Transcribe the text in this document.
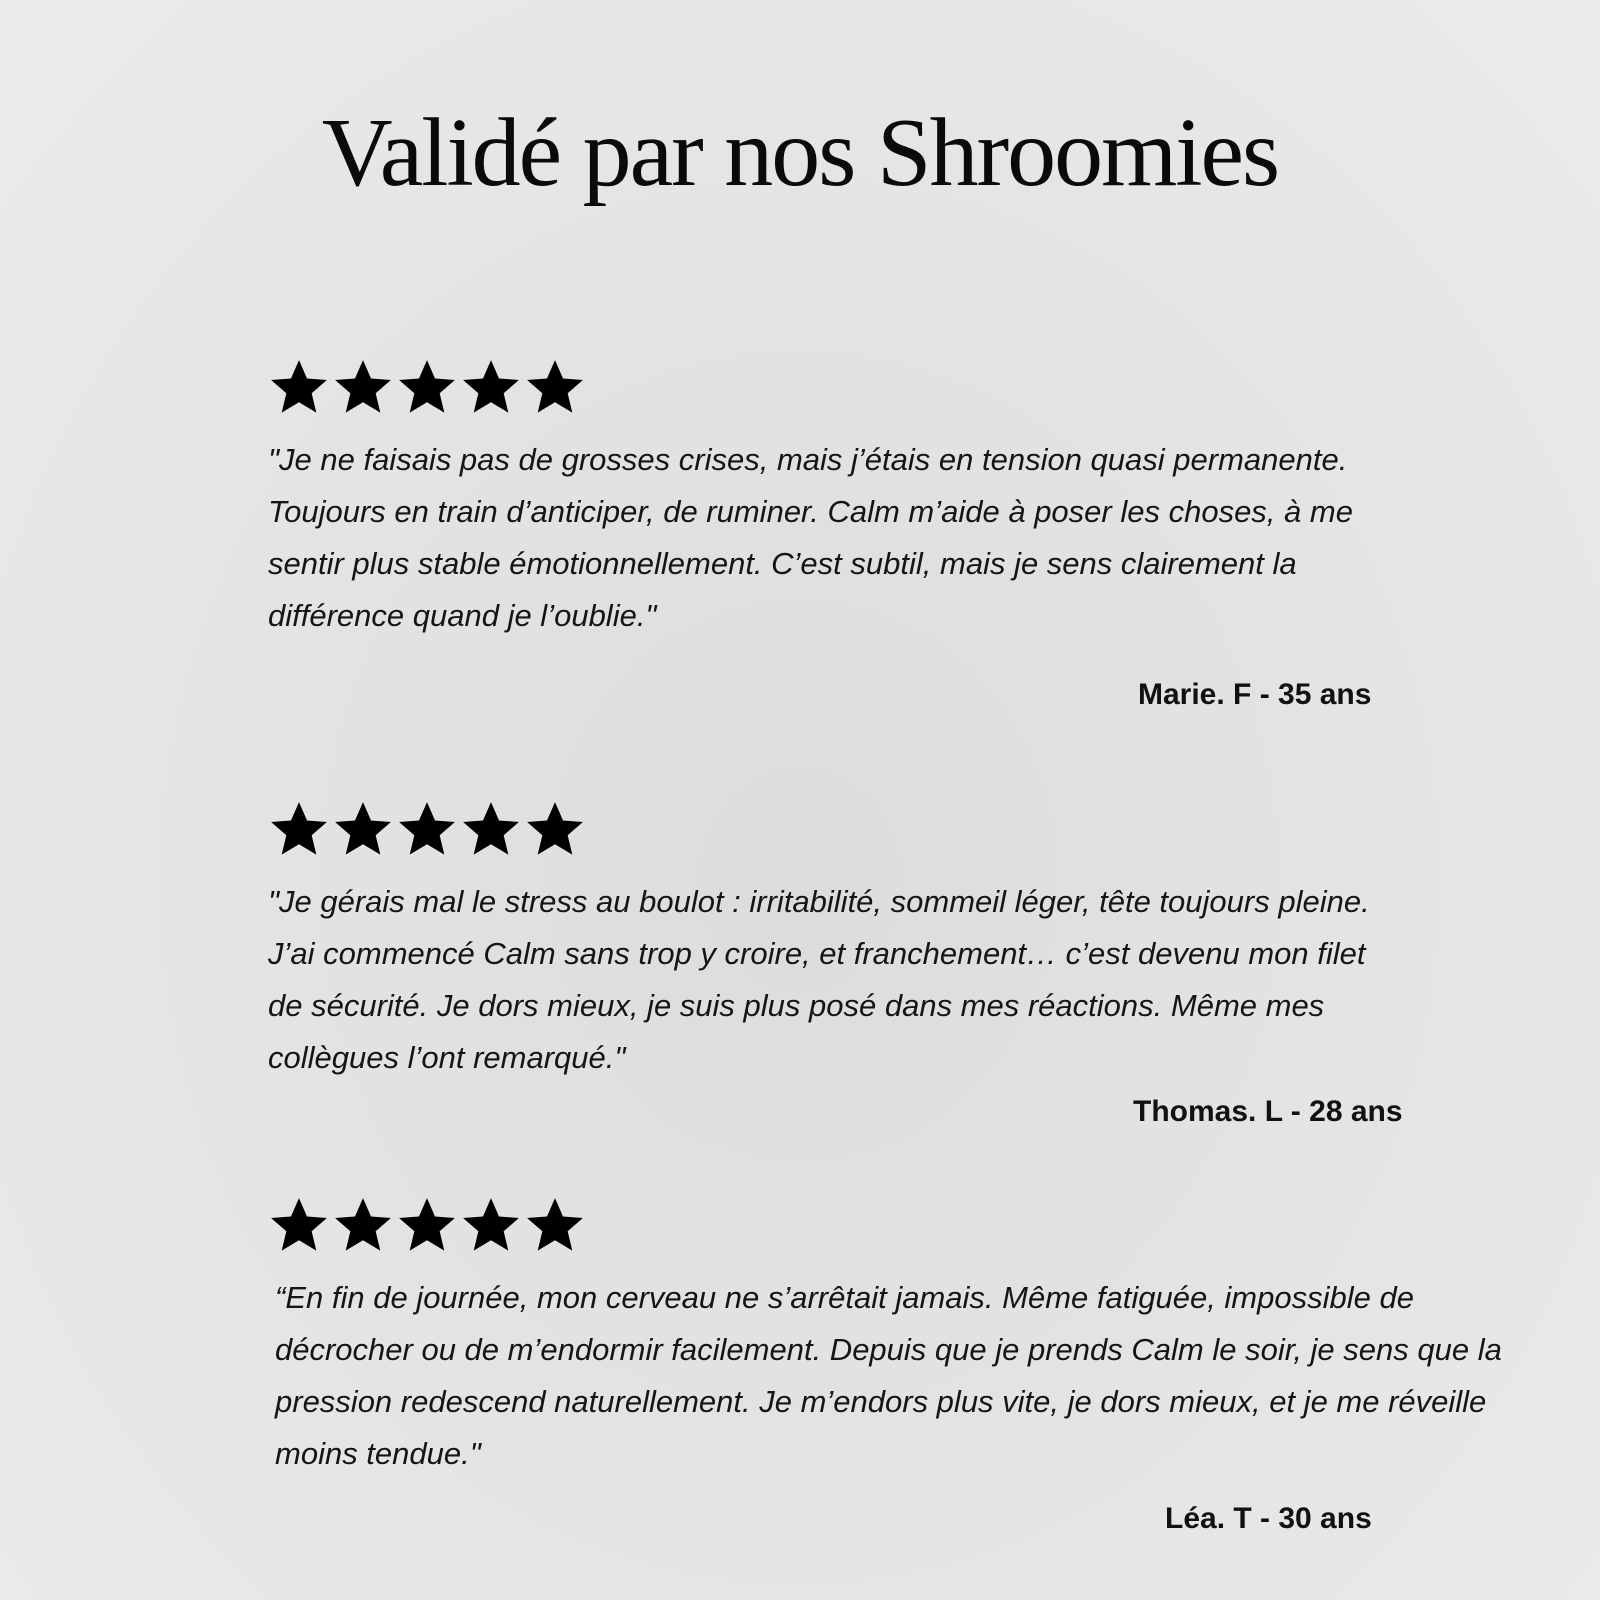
Validé par nos Shroomies

"Je ne faisais pas de grosses crises, mais j’étais en tension quasi permanente. Toujours en train d’anticiper, de ruminer. Calm m’aide à poser les choses, à me sentir plus stable émotionnellement. C’est subtil, mais je sens clairement la différence quand je l’oublie."

Marie. F - 35 ans

"Je gérais mal le stress au boulot : irritabilité, sommeil léger, tête toujours pleine. J’ai commencé Calm sans trop y croire, et franchement… c’est devenu mon filet de sécurité. Je dors mieux, je suis plus posé dans mes réactions. Même mes collègues l’ont remarqué."

Thomas. L - 28 ans

“En fin de journée, mon cerveau ne s’arrêtait jamais. Même fatiguée, impossible de décrocher ou de m’endormir facilement. Depuis que je prends Calm le soir, je sens que la pression redescend naturellement. Je m’endors plus vite, je dors mieux, et je me réveille moins tendue."

Léa. T - 30 ans
